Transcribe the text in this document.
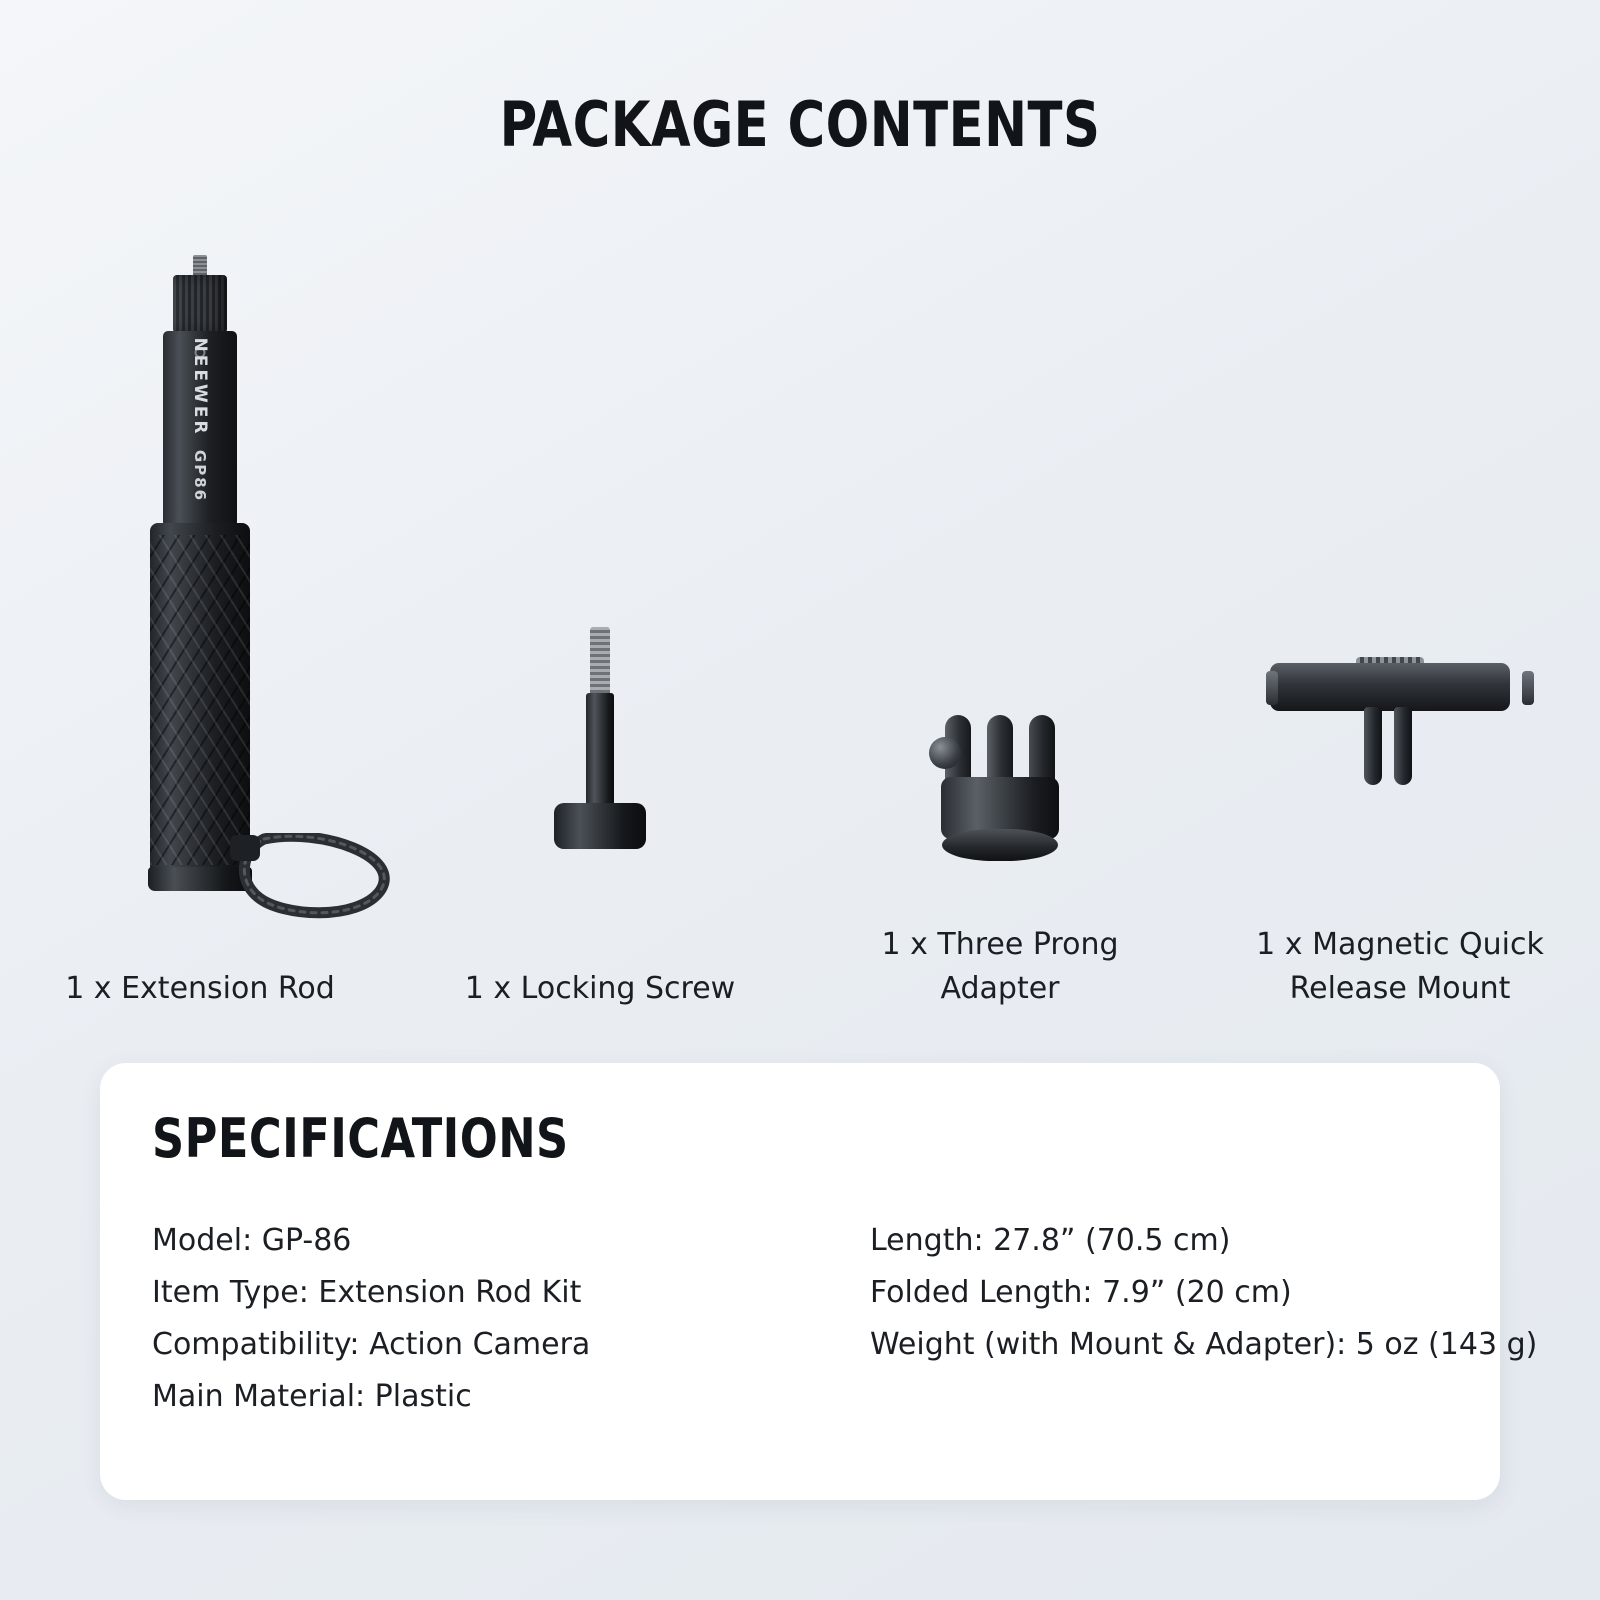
PACKAGE CONTENTS
NEEWER
GP86
1 x Extension Rod	1 x Locking Screw
1 x Three Prong Adapter
1 x Magnetic Quick Release Mount
SPECIFICATIONS
Model: GP-86
Item Type: Extension Rod Kit
Compatibility: Action Camera
Main Material: Plastic
Length: 27.8” (70.5 cm)
Folded Length: 7.9” (20 cm)
Weight (with Mount & Adapter): 5 oz (143 g)
